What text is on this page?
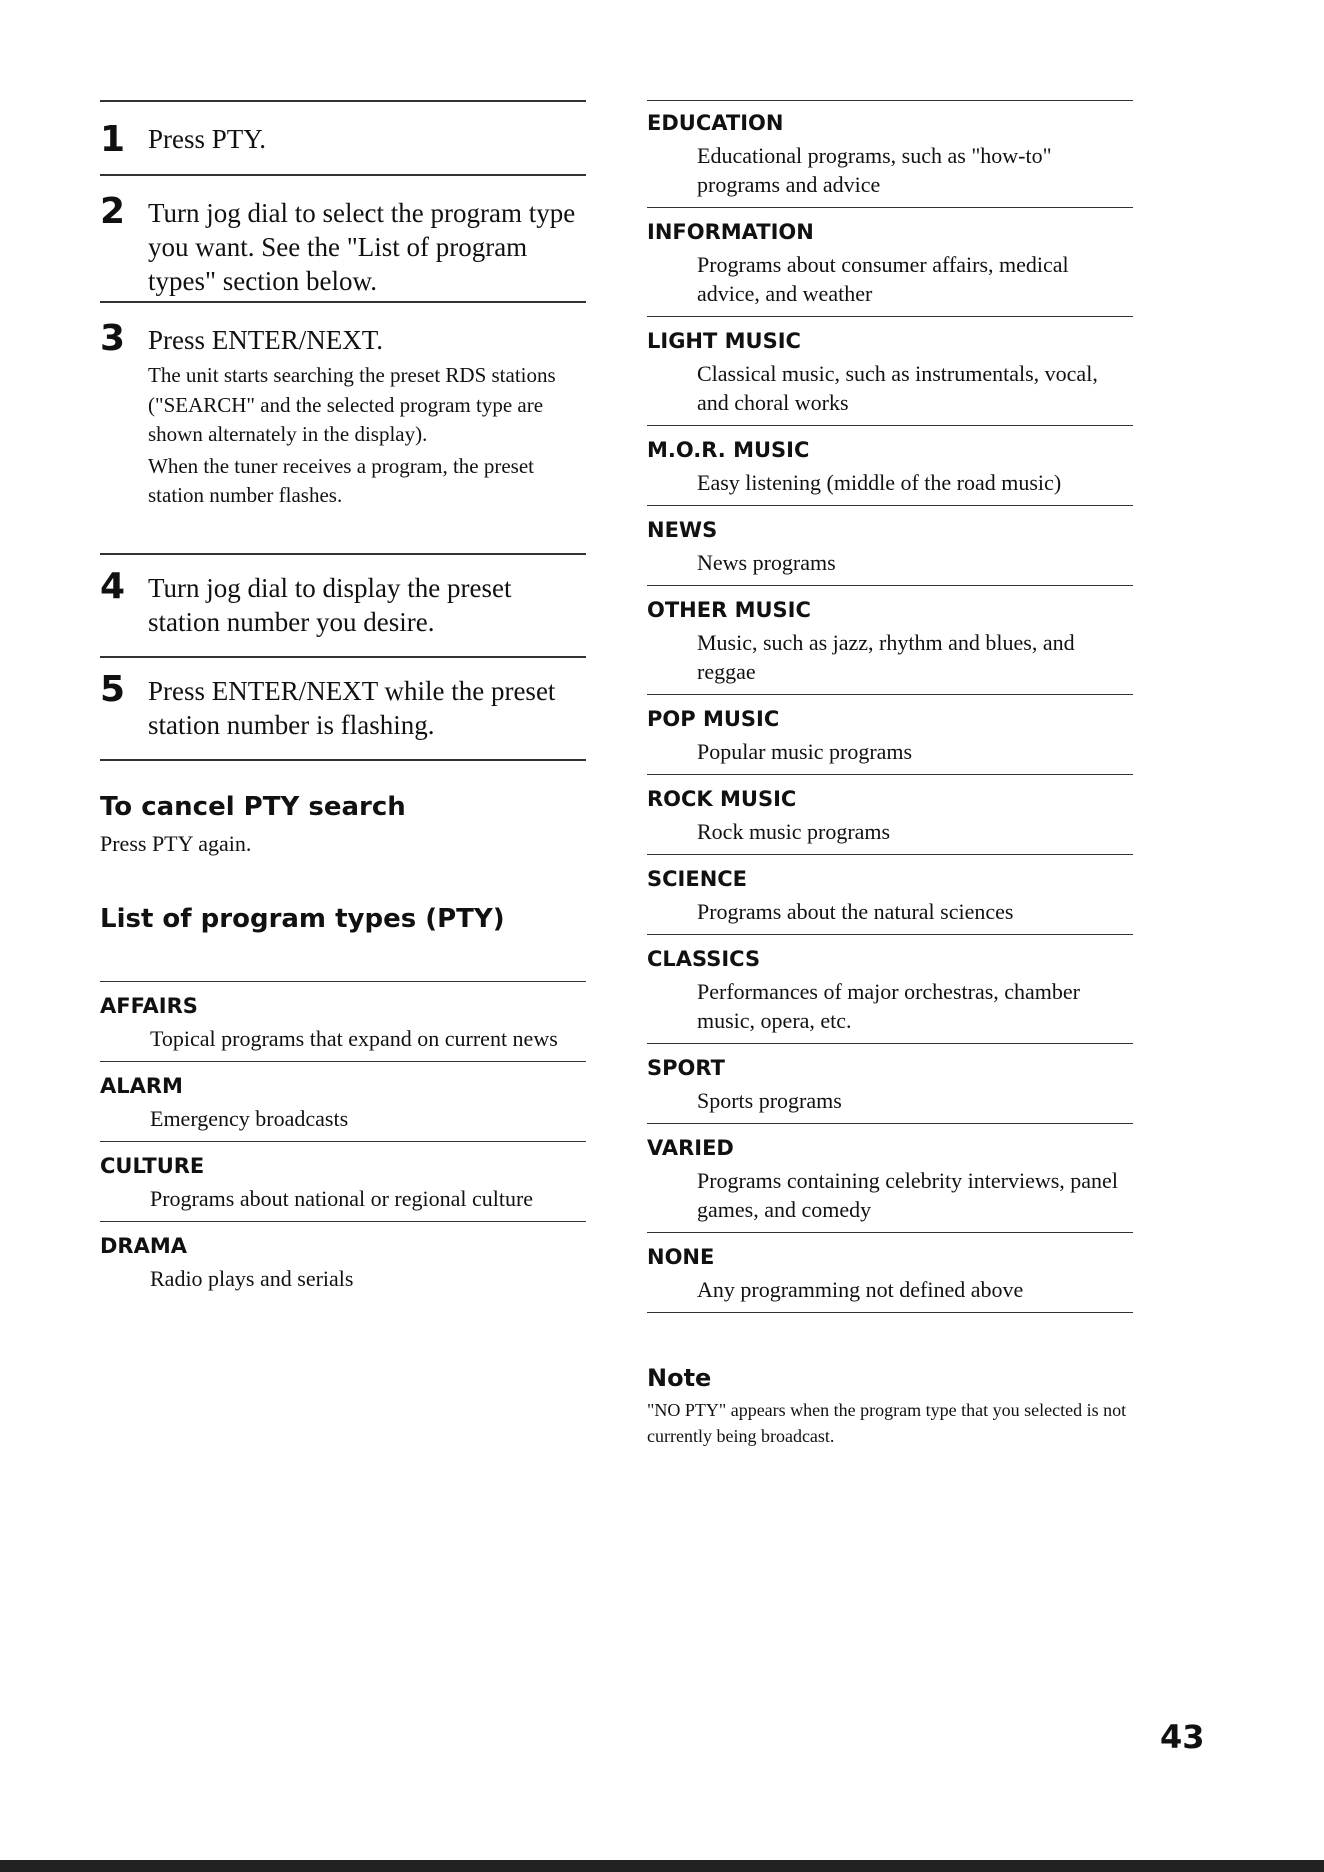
1 Press PTY.
2 Turn jog dial to select the program type you want. See the "List of program types" section below.
3 Press ENTER/NEXT.
The unit starts searching the preset RDS stations ("SEARCH" and the selected program type are shown alternately in the display).
When the tuner receives a program, the preset station number flashes.
4 Turn jog dial to display the preset station number you desire.
5 Press ENTER/NEXT while the preset station number is flashing.
To cancel PTY search
Press PTY again.
List of program types (PTY)
AFFAIRS
Topical programs that expand on current news
ALARM
Emergency broadcasts
CULTURE
Programs about national or regional culture
DRAMA
Radio plays and serials
EDUCATION
Educational programs, such as "how-to" programs and advice
INFORMATION
Programs about consumer affairs, medical advice, and weather
LIGHT MUSIC
Classical music, such as instrumentals, vocal, and choral works
M.O.R. MUSIC
Easy listening (middle of the road music)
NEWS
News programs
OTHER MUSIC
Music, such as jazz, rhythm and blues, and reggae
POP MUSIC
Popular music programs
ROCK MUSIC
Rock music programs
SCIENCE
Programs about the natural sciences
CLASSICS
Performances of major orchestras, chamber music, opera, etc.
SPORT
Sports programs
VARIED
Programs containing celebrity interviews, panel games, and comedy
NONE
Any programming not defined above
Note
"NO PTY" appears when the program type that you selected is not currently being broadcast.
43
